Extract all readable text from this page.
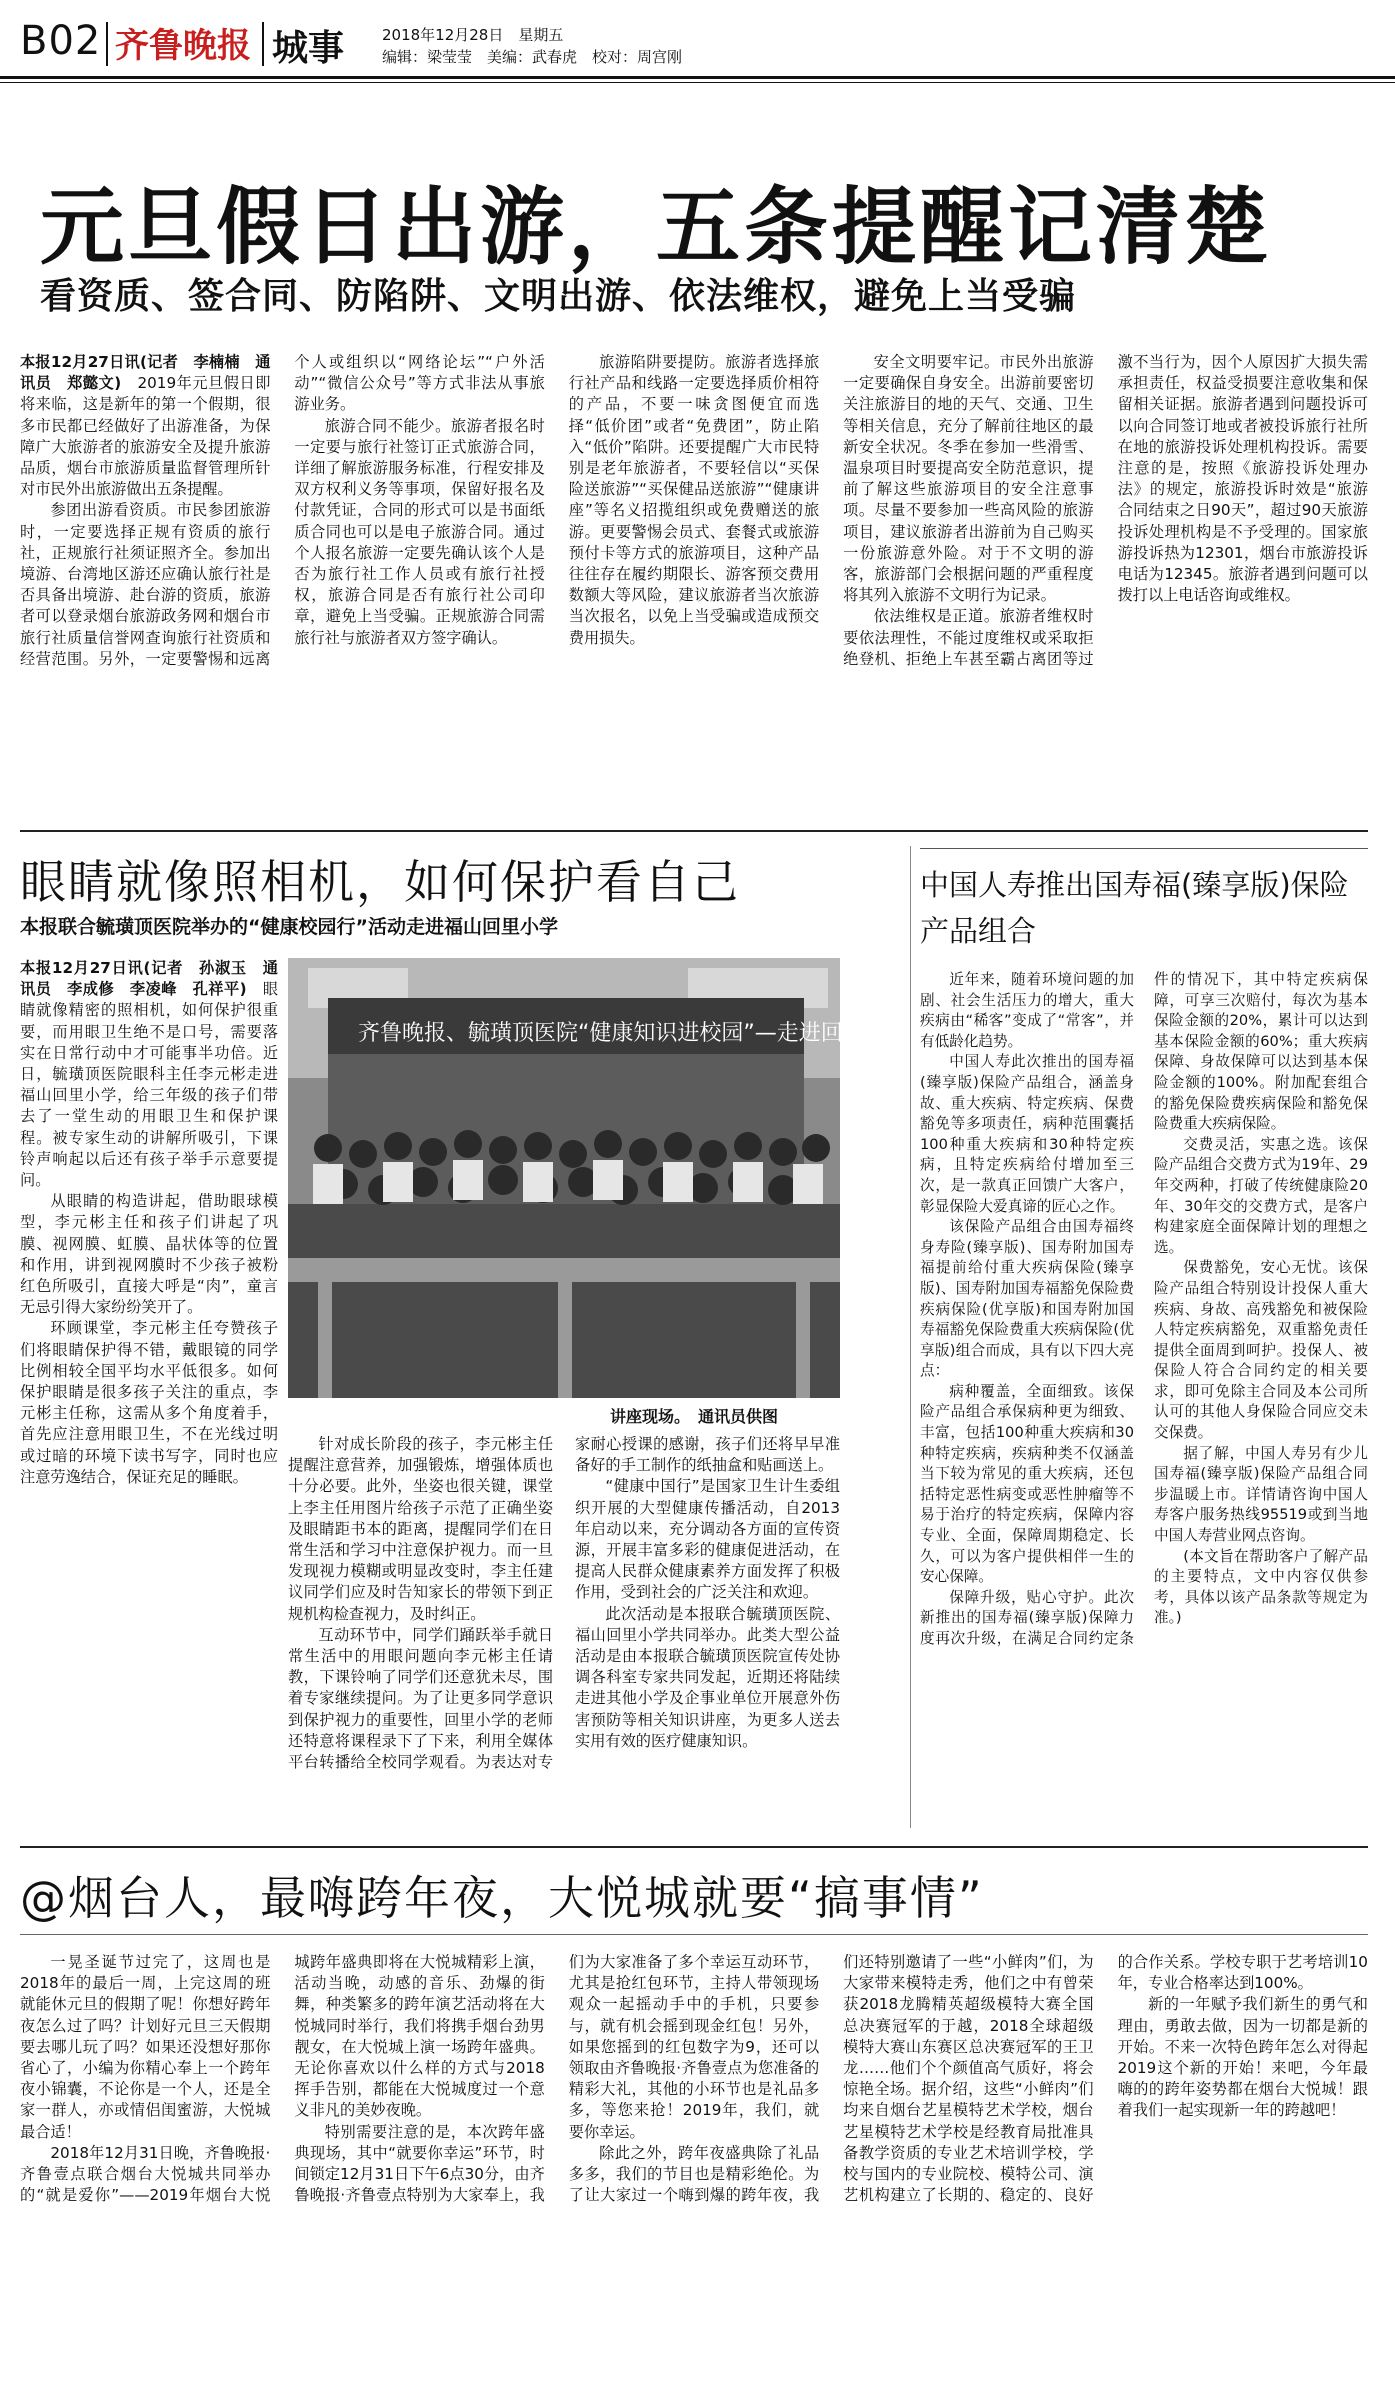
B02 齐鲁晚报 城事	2018年12月28日　星期五
编辑：梁莹莹　美编：武春虎　校对：周宫刚
元旦假日出游，五条提醒记清楚
看资质、签合同、防陷阱、文明出游、依法维权，避免上当受骗

本报12月27日讯(记者　李楠楠　通讯员　郑懿文)　 2019年元旦假日即将来临，这是新年的第一个假期，很多市民都已经做好了出游准备，为保障广大旅游者的旅游安全及提升旅游品质，烟台市旅游质量监督管理所针对市民外出旅游做出五条提醒。

参团出游看资质。市民参团旅游时，一定要选择正规有资质的旅行社，正规旅行社须证照齐全。参加出境游、台湾地区游还应确认旅行社是否具备出境游、赴台游的资质，旅游者可以登录烟台旅游政务网和烟台市旅行社质量信誉网查询旅行社资质和经营范围。另外，一定要警惕和远离个人或组织以“网络论坛”“户外活动”“微信公众号”等方式非法从事旅游业务。

旅游合同不能少。旅游者报名时一定要与旅行社签订正式旅游合同，详细了解旅游服务标准，行程安排及双方权利义务等事项，保留好报名及付款凭证，合同的形式可以是书面纸质合同也可以是电子旅游合同。通过个人报名旅游一定要先确认该个人是否为旅行社工作人员或有旅行社授权，旅游合同是否有旅行社公司印章，避免上当受骗。正规旅游合同需旅行社与旅游者双方签字确认。

旅游陷阱要提防。旅游者选择旅行社产品和线路一定要选择质价相符的产品，不要一味贪图便宜而选择“低价团”或者“免费团”，防止陷入“低价”陷阱。还要提醒广大市民特别是老年旅游者，不要轻信以“买保险送旅游”“买保健品送旅游”“健康讲座”等名义招揽组织或免费赠送的旅游。更要警惕会员式、套餐式或旅游预付卡等方式的旅游项目，这种产品往往存在履约期限长、游客预交费用数额大等风险，建议旅游者当次旅游当次报名，以免上当受骗或造成预交费用损失。

安全文明要牢记。市民外出旅游一定要确保自身安全。出游前要密切关注旅游目的地的天气、交通、卫生等相关信息，充分了解前往地区的最新安全状况。冬季在参加一些滑雪、温泉项目时要提高安全防范意识，提前了解这些旅游项目的安全注意事项。尽量不要参加一些高风险的旅游项目，建议旅游者出游前为自己购买一份旅游意外险。对于不文明的游客，旅游部门会根据问题的严重程度将其列入旅游不文明行为记录。

依法维权是正道。旅游者维权时要依法理性，不能过度维权或采取拒绝登机、拒绝上车甚至霸占离团等过激不当行为，因个人原因扩大损失需承担责任，权益受损要注意收集和保留相关证据。旅游者遇到问题投诉可以向合同签订地或者被投诉旅行社所在地的旅游投诉处理机构投诉。需要注意的是，按照《旅游投诉处理办法》的规定，旅游投诉时效是“旅游合同结束之日90天”，超过90天旅游投诉处理机构是不予受理的。国家旅游投诉热为12301，烟台市旅游投诉电话为12345。旅游者遇到问题可以拨打以上电话咨询或维权。

眼睛就像照相机，如何保护看自己
本报联合毓璜顶医院举办的“健康校园行”活动走进福山回里小学
齐鲁晚报、毓璜顶医院“健康知识进校园”—走进回里小学
讲座现场。　通讯员供图

本报12月27日讯(记者　孙淑玉　通讯员　李成修　李凌峰　孔祥平)　 眼睛就像精密的照相机，如何保护很重要，而用眼卫生绝不是口号，需要落实在日常行动中才可能事半功倍。近日，毓璜顶医院眼科主任李元彬走进福山回里小学，给三年级的孩子们带去了一堂生动的用眼卫生和保护课程。被专家生动的讲解所吸引，下课铃声响起以后还有孩子举手示意要提问。

从眼睛的构造讲起，借助眼球模型，李元彬主任和孩子们讲起了巩膜、视网膜、虹膜、晶状体等的位置和作用，讲到视网膜时不少孩子被粉红色所吸引，直接大呼是“肉”，童言无忌引得大家纷纷笑开了。

环顾课堂，李元彬主任夸赞孩子们将眼睛保护得不错，戴眼镜的同学比例相较全国平均水平低很多。如何保护眼睛是很多孩子关注的重点，李元彬主任称，这需从多个角度着手，首先应注意用眼卫生，不在光线过明或过暗的环境下读书写字，同时也应注意劳逸结合，保证充足的睡眠。

针对成长阶段的孩子，李元彬主任提醒注意营养，加强锻炼，增强体质也十分必要。此外，坐姿也很关键，课堂上李主任用图片给孩子示范了正确坐姿及眼睛距书本的距离，提醒同学们在日常生活和学习中注意保护视力。而一旦发现视力模糊或明显改变时，李主任建议同学们应及时告知家长的带领下到正规机构检查视力，及时纠正。

互动环节中，同学们踊跃举手就日常生活中的用眼问题向李元彬主任请教，下课铃响了同学们还意犹未尽，围着专家继续提问。为了让更多同学意识到保护视力的重要性，回里小学的老师还特意将课程录下了下来，利用全媒体平台转播给全校同学观看。为表达对专家耐心授课的感谢，孩子们还将早早准备好的手工制作的纸抽盒和贴画送上。

“健康中国行”是国家卫生计生委组织开展的大型健康传播活动，自2013年启动以来，充分调动各方面的宣传资源，开展丰富多彩的健康促进活动，在提高人民群众健康素养方面发挥了积极作用，受到社会的广泛关注和欢迎。

此次活动是本报联合毓璜顶医院、福山回里小学共同举办。此类大型公益活动是由本报联合毓璜顶医院宣传处协调各科室专家共同发起，近期还将陆续走进其他小学及企事业单位开展意外伤害预防等相关知识讲座，为更多人送去实用有效的医疗健康知识。

中国人寿推出国寿福(臻享版)保险产品组合

近年来，随着环境问题的加剧、社会生活压力的增大，重大疾病由“稀客”变成了“常客”，并有低龄化趋势。

中国人寿此次推出的国寿福(臻享版)保险产品组合，涵盖身故、重大疾病、特定疾病、保费豁免等多项责任，病种范围囊括100种重大疾病和30种特定疾病，且特定疾病给付增加至三次，是一款真正回馈广大客户，彰显保险大爱真谛的匠心之作。

该保险产品组合由国寿福终身寿险(臻享版)、国寿附加国寿福提前给付重大疾病保险(臻享版)、国寿附加国寿福豁免保险费疾病保险(优享版)和国寿附加国寿福豁免保险费重大疾病保险(优享版)组合而成，具有以下四大亮点：

病种覆盖，全面细致。该保险产品组合承保病种更为细致、丰富，包括100种重大疾病和30种特定疾病，疾病种类不仅涵盖当下较为常见的重大疾病，还包括特定恶性病变或恶性肿瘤等不易于治疗的特定疾病，保障内容专业、全面，保障周期稳定、长久，可以为客户提供相伴一生的安心保障。

保障升级，贴心守护。此次新推出的国寿福(臻享版)保障力度再次升级，在满足合同约定条件的情况下，其中特定疾病保障，可享三次赔付，每次为基本保险金额的20%，累计可以达到基本保险金额的60%；重大疾病保障、身故保障可以达到基本保险金额的100%。附加配套组合的豁免保险费疾病保险和豁免保险费重大疾病保险。

交费灵活，实惠之选。该保险产品组合交费方式为19年、29年交两种，打破了传统健康险20年、30年交的交费方式，是客户构建家庭全面保障计划的理想之选。

保费豁免，安心无忧。该保险产品组合特别设计投保人重大疾病、身故、高残豁免和被保险人特定疾病豁免，双重豁免责任提供全面周到呵护。投保人、被保险人符合合同约定的相关要求，即可免除主合同及本公司所认可的其他人身保险合同应交未交保费。

据了解，中国人寿另有少儿国寿福(臻享版)保险产品组合同步温暖上市。详情请咨询中国人寿客户服务热线95519或到当地中国人寿营业网点咨询。

(本文旨在帮助客户了解产品的主要特点，文中内容仅供参考，具体以该产品条款等规定为准。)

@烟台人，最嗨跨年夜，大悦城就要“搞事情”

一晃圣诞节过完了，这周也是2018年的最后一周，上完这周的班就能休元旦的假期了呢！你想好跨年夜怎么过了吗？计划好元旦三天假期要去哪儿玩了吗？如果还没想好那你省心了，小编为你精心奉上一个跨年夜小锦囊，不论你是一个人，还是全家一群人，亦或情侣闺蜜游，大悦城最合适！

2018年12月31日晚，齐鲁晚报·齐鲁壹点联合烟台大悦城共同举办的“就是爱你”——2019年烟台大悦城跨年盛典即将在大悦城精彩上演，活动当晚，动感的音乐、劲爆的街舞，种类繁多的跨年演艺活动将在大悦城同时举行，我们将携手烟台劲男靓女，在大悦城上演一场跨年盛典。无论你喜欢以什么样的方式与2018挥手告别，都能在大悦城度过一个意义非凡的美妙夜晚。

特别需要注意的是，本次跨年盛典现场，其中“就要你幸运”环节，时间锁定12月31日下午6点30分，由齐鲁晚报·齐鲁壹点特别为大家奉上，我们为大家准备了多个幸运互动环节，尤其是抢红包环节，主持人带领现场观众一起摇动手中的手机，只要参与，就有机会摇到现金红包！另外，如果您摇到的红包数字为9，还可以领取由齐鲁晚报·齐鲁壹点为您准备的精彩大礼，其他的小环节也是礼品多多，等您来抢！2019年，我们，就要你幸运。

除此之外，跨年夜盛典除了礼品多多，我们的节目也是精彩绝伦。为了让大家过一个嗨到爆的跨年夜，我们还特别邀请了一些“小鲜肉”们，为大家带来模特走秀，他们之中有曾荣获2018龙腾精英超级模特大赛全国总决赛冠军的于越，2018全球超级模特大赛山东赛区总决赛冠军的王卫龙……他们个个颜值高气质好，将会惊艳全场。据介绍，这些“小鲜肉”们均来自烟台艺星模特艺术学校，烟台艺星模特艺术学校是经教育局批准具备教学资质的专业艺术培训学校，学校与国内的专业院校、模特公司、演艺机构建立了长期的、稳定的、良好的合作关系。学校专职于艺考培训10年，专业合格率达到100%。

新的一年赋予我们新生的勇气和理由，勇敢去做，因为一切都是新的开始。不来一次特色跨年怎么对得起2019这个新的开始！来吧，今年最嗨的的跨年姿势都在烟台大悦城！跟着我们一起实现新一年的跨越吧！
